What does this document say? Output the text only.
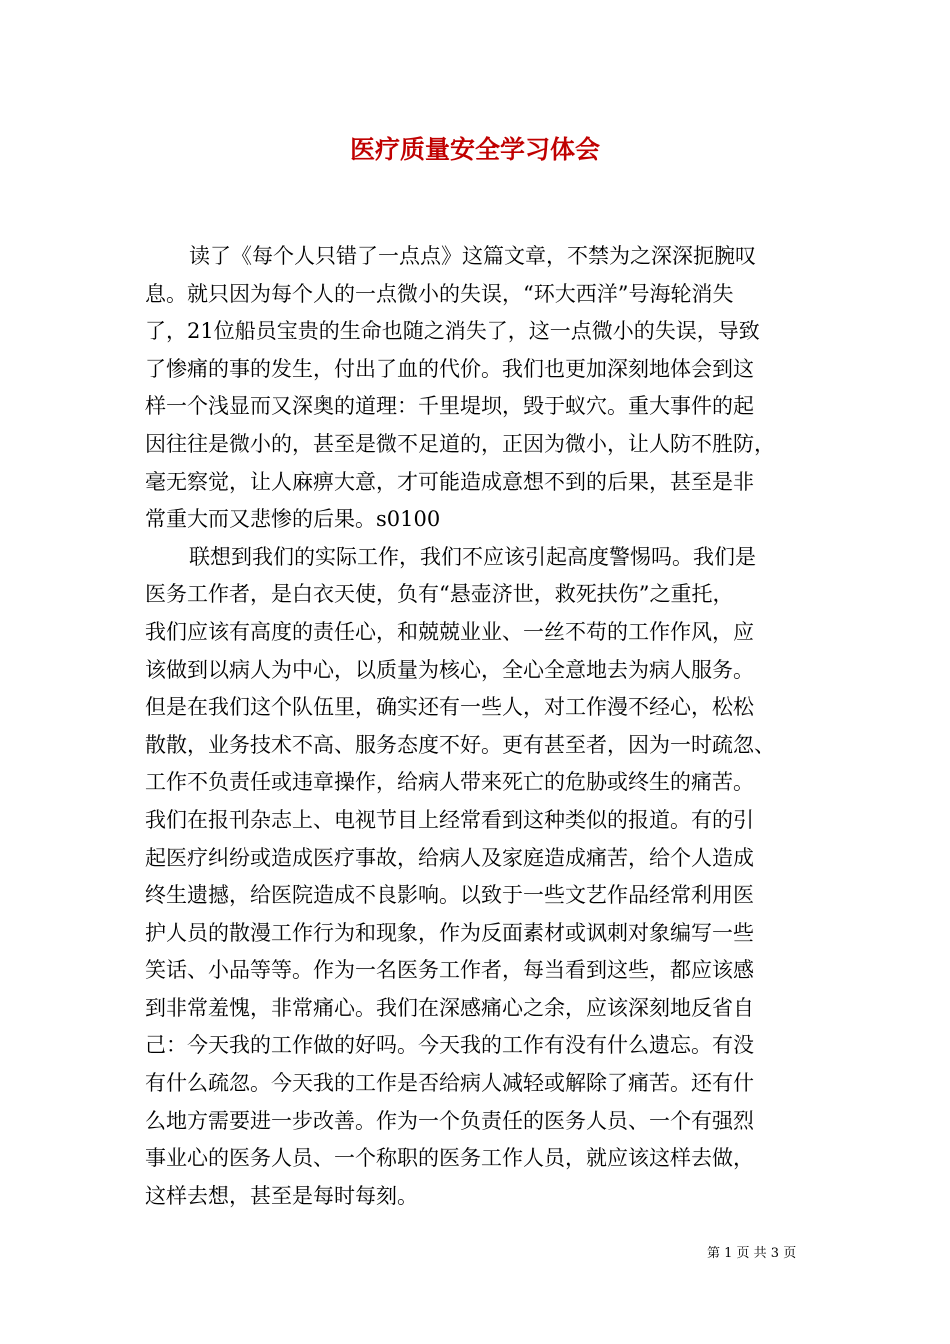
医疗质量安全学习体会
读了《每个人只错了一点点》这篇文章，不禁为之深深扼腕叹
息。就只因为每个人的一点微小的失误，“环大西洋”号海轮消失
了，21位船员宝贵的生命也随之消失了，这一点微小的失误，导致
了惨痛的事的发生，付出了血的代价。我们也更加深刻地体会到这
样一个浅显而又深奥的道理：千里堤坝，毁于蚁穴。重大事件的起
因往往是微小的，甚至是微不足道的，正因为微小，让人防不胜防，
毫无察觉，让人麻痹大意，才可能造成意想不到的后果，甚至是非
常重大而又悲惨的后果。s0100
联想到我们的实际工作，我们不应该引起高度警惕吗。我们是
医务工作者，是白衣天使，负有“悬壶济世，救死扶伤”之重托，
我们应该有高度的责任心，和兢兢业业、一丝不苟的工作作风，应
该做到以病人为中心，以质量为核心，全心全意地去为病人服务。
但是在我们这个队伍里，确实还有一些人，对工作漫不经心，松松
散散，业务技术不高、服务态度不好。更有甚至者，因为一时疏忽、
工作不负责任或违章操作，给病人带来死亡的危胁或终生的痛苦。
我们在报刊杂志上、电视节目上经常看到这种类似的报道。有的引
起医疗纠纷或造成医疗事故，给病人及家庭造成痛苦，给个人造成
终生遗撼，给医院造成不良影响。以致于一些文艺作品经常利用医
护人员的散漫工作行为和现象，作为反面素材或讽刺对象编写一些
笑话、小品等等。作为一名医务工作者，每当看到这些，都应该感
到非常羞愧，非常痛心。我们在深感痛心之余，应该深刻地反省自
己：今天我的工作做的好吗。今天我的工作有没有什么遗忘。有没
有什么疏忽。今天我的工作是否给病人减轻或解除了痛苦。还有什
么地方需要进一步改善。作为一个负责任的医务人员、一个有强烈
事业心的医务人员、一个称职的医务工作人员，就应该这样去做，
这样去想，甚至是每时每刻。
第 1 页 共 3 页
